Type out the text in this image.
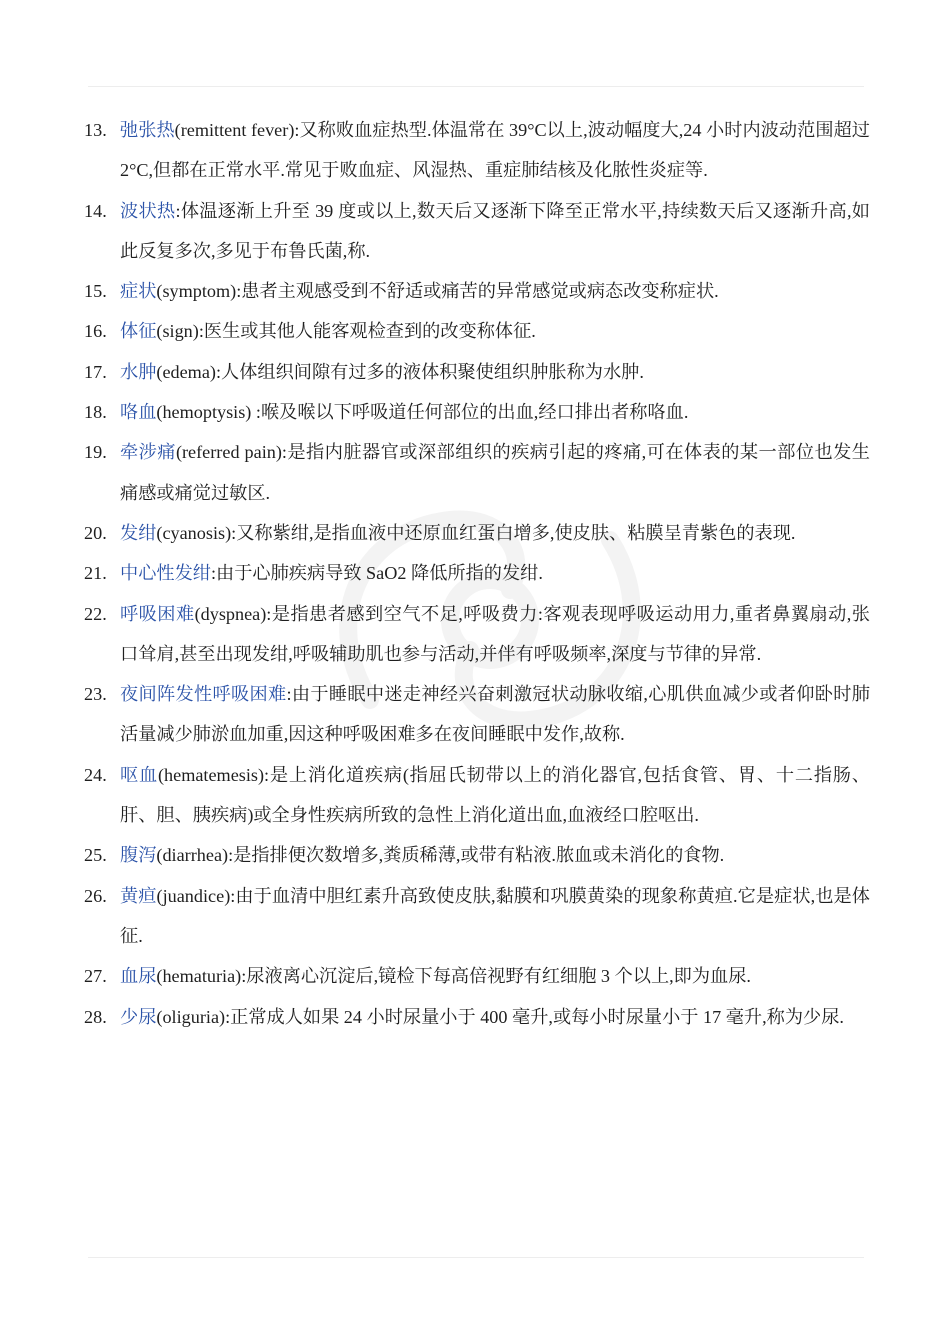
13. 弛张热(remittent fever):又称败血症热型.体温常在 39°C以上,波动幅度大,24 小时内波动范围超过 2°C,但都在正常水平.常见于败血症、风湿热、重症肺结核及化脓性炎症等.
14. 波状热:体温逐渐上升至 39 度或以上,数天后又逐渐下降至正常水平,持续数天后又逐渐升高,如此反复多次,多见于布鲁氏菌,称.
15. 症状(symptom):患者主观感受到不舒适或痛苦的异常感觉或病态改变称症状.
16. 体征(sign):医生或其他人能客观检查到的改变称体征.
17. 水肿(edema):人体组织间隙有过多的液体积聚使组织肿胀称为水肿.
18. 咯血(hemoptysis) :喉及喉以下呼吸道任何部位的出血,经口排出者称咯血.
19. 牵涉痛(referred pain):是指内脏器官或深部组织的疾病引起的疼痛,可在体表的某一部位也发生痛感或痛觉过敏区.
20. 发绀(cyanosis):又称紫绀,是指血液中还原血红蛋白增多,使皮肤、粘膜呈青紫色的表现.
21. 中心性发绀:由于心肺疾病导致 SaO2 降低所指的发绀.
22. 呼吸困难(dyspnea):是指患者感到空气不足,呼吸费力:客观表现呼吸运动用力,重者鼻翼扇动,张口耸肩,甚至出现发绀,呼吸辅助肌也参与活动,并伴有呼吸频率,深度与节律的异常.
23. 夜间阵发性呼吸困难:由于睡眠中迷走神经兴奋刺激冠状动脉收缩,心肌供血减少或者仰卧时肺活量减少肺淤血加重,因这种呼吸困难多在夜间睡眠中发作,故称.
24. 呕血(hematemesis):是上消化道疾病(指屈氏韧带以上的消化器官,包括食管、胃、十二指肠、肝、胆、胰疾病)或全身性疾病所致的急性上消化道出血,血液经口腔呕出.
25. 腹泻(diarrhea):是指排便次数增多,粪质稀薄,或带有粘液.脓血或未消化的食物.
26. 黄疸(juandice):由于血清中胆红素升高致使皮肤,黏膜和巩膜黄染的现象称黄疸.它是症状,也是体征.
27. 血尿(hematuria):尿液离心沉淀后,镜检下每高倍视野有红细胞 3 个以上,即为血尿.
28. 少尿(oliguria):正常成人如果 24 小时尿量小于 400 毫升,或每小时尿量小于 17 毫升,称为少尿.
